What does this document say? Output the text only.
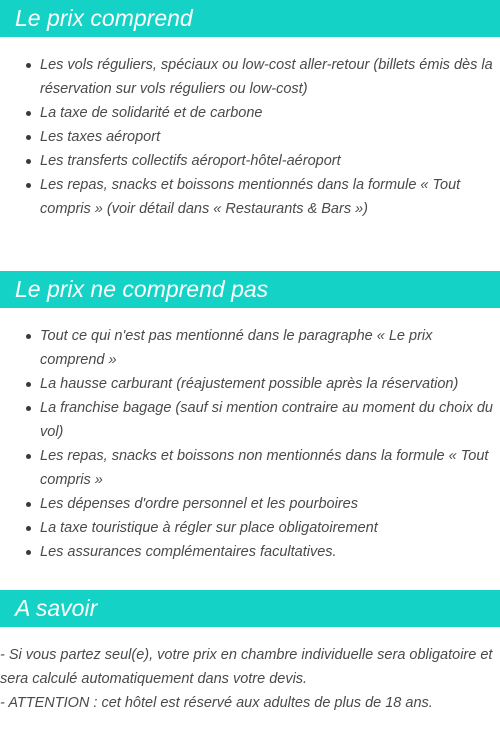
Le prix comprend
Les vols réguliers, spéciaux ou low-cost aller-retour (billets émis dès la réservation sur vols réguliers ou low-cost)
La taxe de solidarité et de carbone
Les taxes aéroport
Les transferts collectifs aéroport-hôtel-aéroport
Les repas, snacks et boissons mentionnés dans la formule « Tout compris » (voir détail dans « Restaurants & Bars »)
Le prix ne comprend pas
Tout ce qui n'est pas mentionné dans le paragraphe « Le prix comprend »
La hausse carburant (réajustement possible après la réservation)
La franchise bagage (sauf si mention contraire au moment du choix du vol)
Les repas, snacks et boissons non mentionnés dans la formule « Tout compris »
Les dépenses d'ordre personnel et les pourboires
La taxe touristique à régler sur place obligatoirement
Les assurances complémentaires facultatives.
A savoir

- Si vous partez seul(e), votre prix en chambre individuelle sera obligatoire et sera calculé automatiquement dans votre devis.

- ATTENTION : cet hôtel est réservé aux adultes de plus de 18 ans.
